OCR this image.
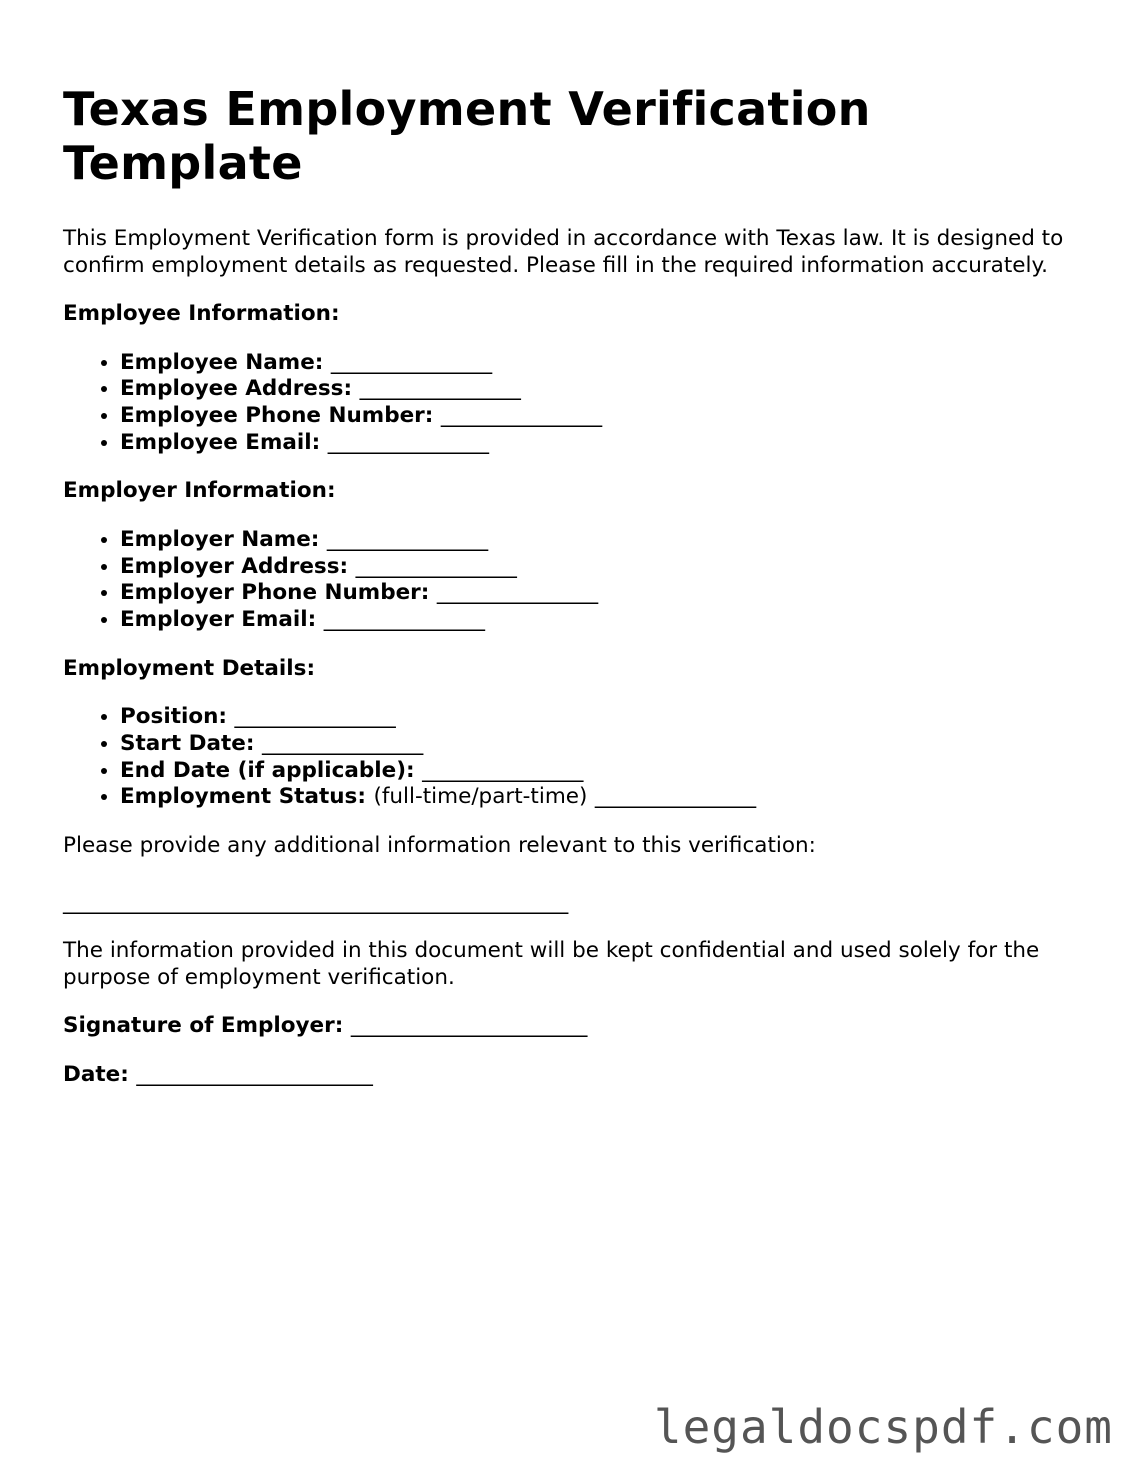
Texas Employment Verification Template
This Employment Verification form is provided in accordance with Texas law. It is designed to confirm employment details as requested. Please fill in the required information accurately.
Employee Information:
• Employee Name: _______________
• Employee Address: _______________
• Employee Phone Number: _______________
• Employee Email: _______________
Employer Information:
• Employer Name: _______________
• Employer Address: _______________
• Employer Phone Number: _______________
• Employer Email: _______________
Employment Details:
• Position: _______________
• Start Date: _______________
• End Date (if applicable): _______________
• Employment Status: (full-time/part-time) _______________
Please provide any additional information relevant to this verification:
_______________________________________________
The information provided in this document will be kept confidential and used solely for the purpose of employment verification.
Signature of Employer: ______________________
Date: ______________________
legaldocspdf.com
